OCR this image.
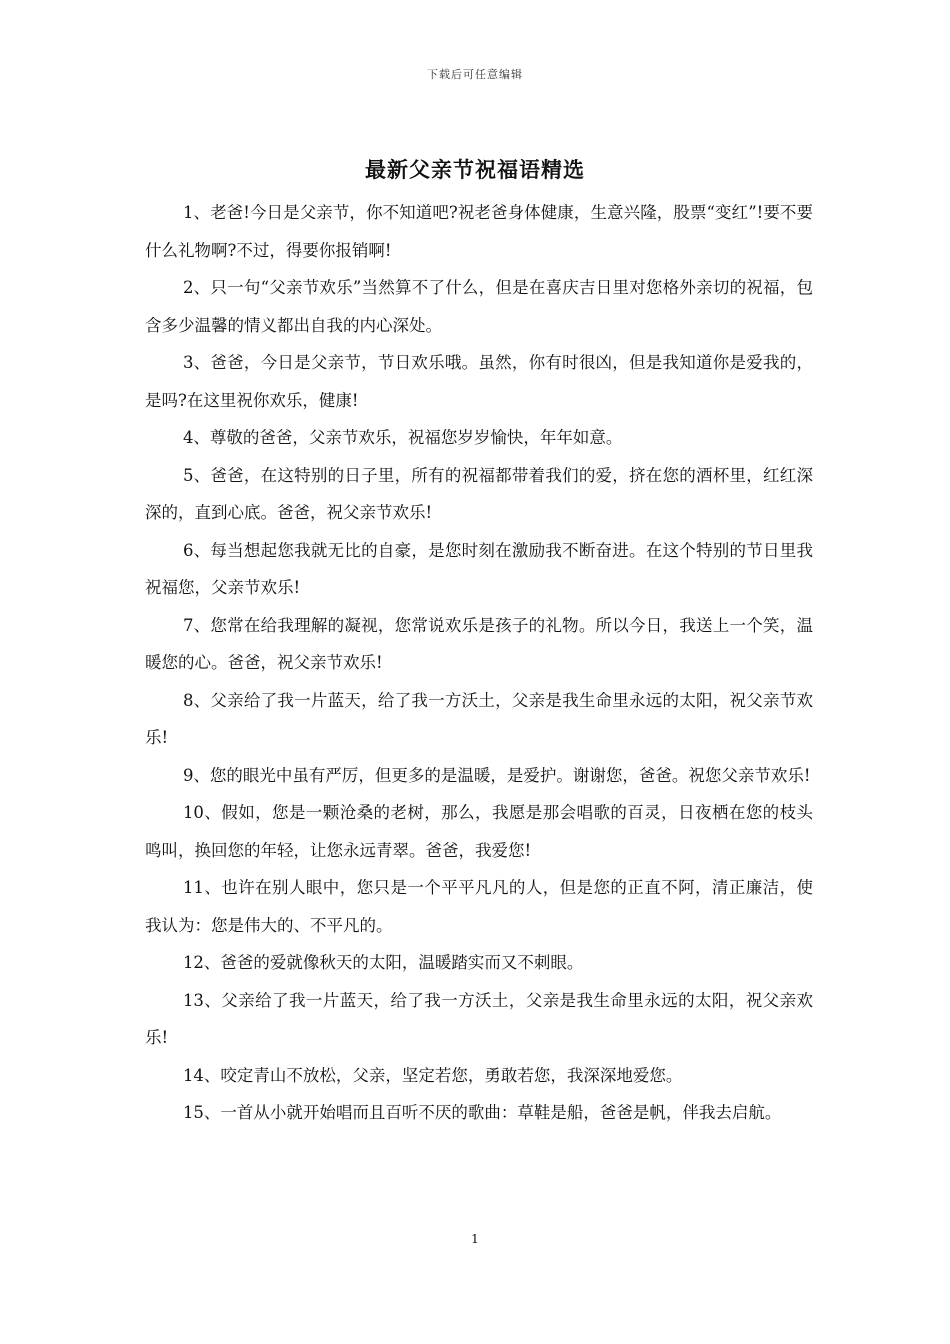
下载后可任意编辑
最新父亲节祝福语精选

1、老爸!今日是父亲节，你不知道吧?祝老爸身体健康，生意兴隆，股票“变红”!要不要什么礼物啊?不过，得要你报销啊!

2、只一句“父亲节欢乐”当然算不了什么，但是在喜庆吉日里对您格外亲切的祝福，包含多少温馨的情义都出自我的内心深处。

3、爸爸，今日是父亲节，节日欢乐哦。虽然，你有时很凶，但是我知道你是爱我的，是吗?在这里祝你欢乐，健康!

4、尊敬的爸爸，父亲节欢乐，祝福您岁岁愉快，年年如意。

5、爸爸，在这特别的日子里，所有的祝福都带着我们的爱，挤在您的酒杯里，红红深深的，直到心底。爸爸，祝父亲节欢乐!

6、每当想起您我就无比的自豪，是您时刻在激励我不断奋进。在这个特别的节日里我祝福您，父亲节欢乐!

7、您常在给我理解的凝视，您常说欢乐是孩子的礼物。所以今日，我送上一个笑，温暖您的心。爸爸，祝父亲节欢乐!

8、父亲给了我一片蓝天，给了我一方沃土，父亲是我生命里永远的太阳，祝父亲节欢乐!

9、您的眼光中虽有严厉，但更多的是温暖，是爱护。谢谢您，爸爸。祝您父亲节欢乐!

10、假如，您是一颗沧桑的老树，那么，我愿是那会唱歌的百灵，日夜栖在您的枝头鸣叫，换回您的年轻，让您永远青翠。爸爸，我爱您!

11、也许在别人眼中，您只是一个平平凡凡的人，但是您的正直不阿，清正廉洁，使我认为：您是伟大的、不平凡的。

12、爸爸的爱就像秋天的太阳，温暖踏实而又不刺眼。

13、父亲给了我一片蓝天，给了我一方沃土，父亲是我生命里永远的太阳，祝父亲欢乐!

14、咬定青山不放松，父亲，坚定若您，勇敢若您，我深深地爱您。

15、一首从小就开始唱而且百听不厌的歌曲：草鞋是船，爸爸是帆，伴我去启航。

1
